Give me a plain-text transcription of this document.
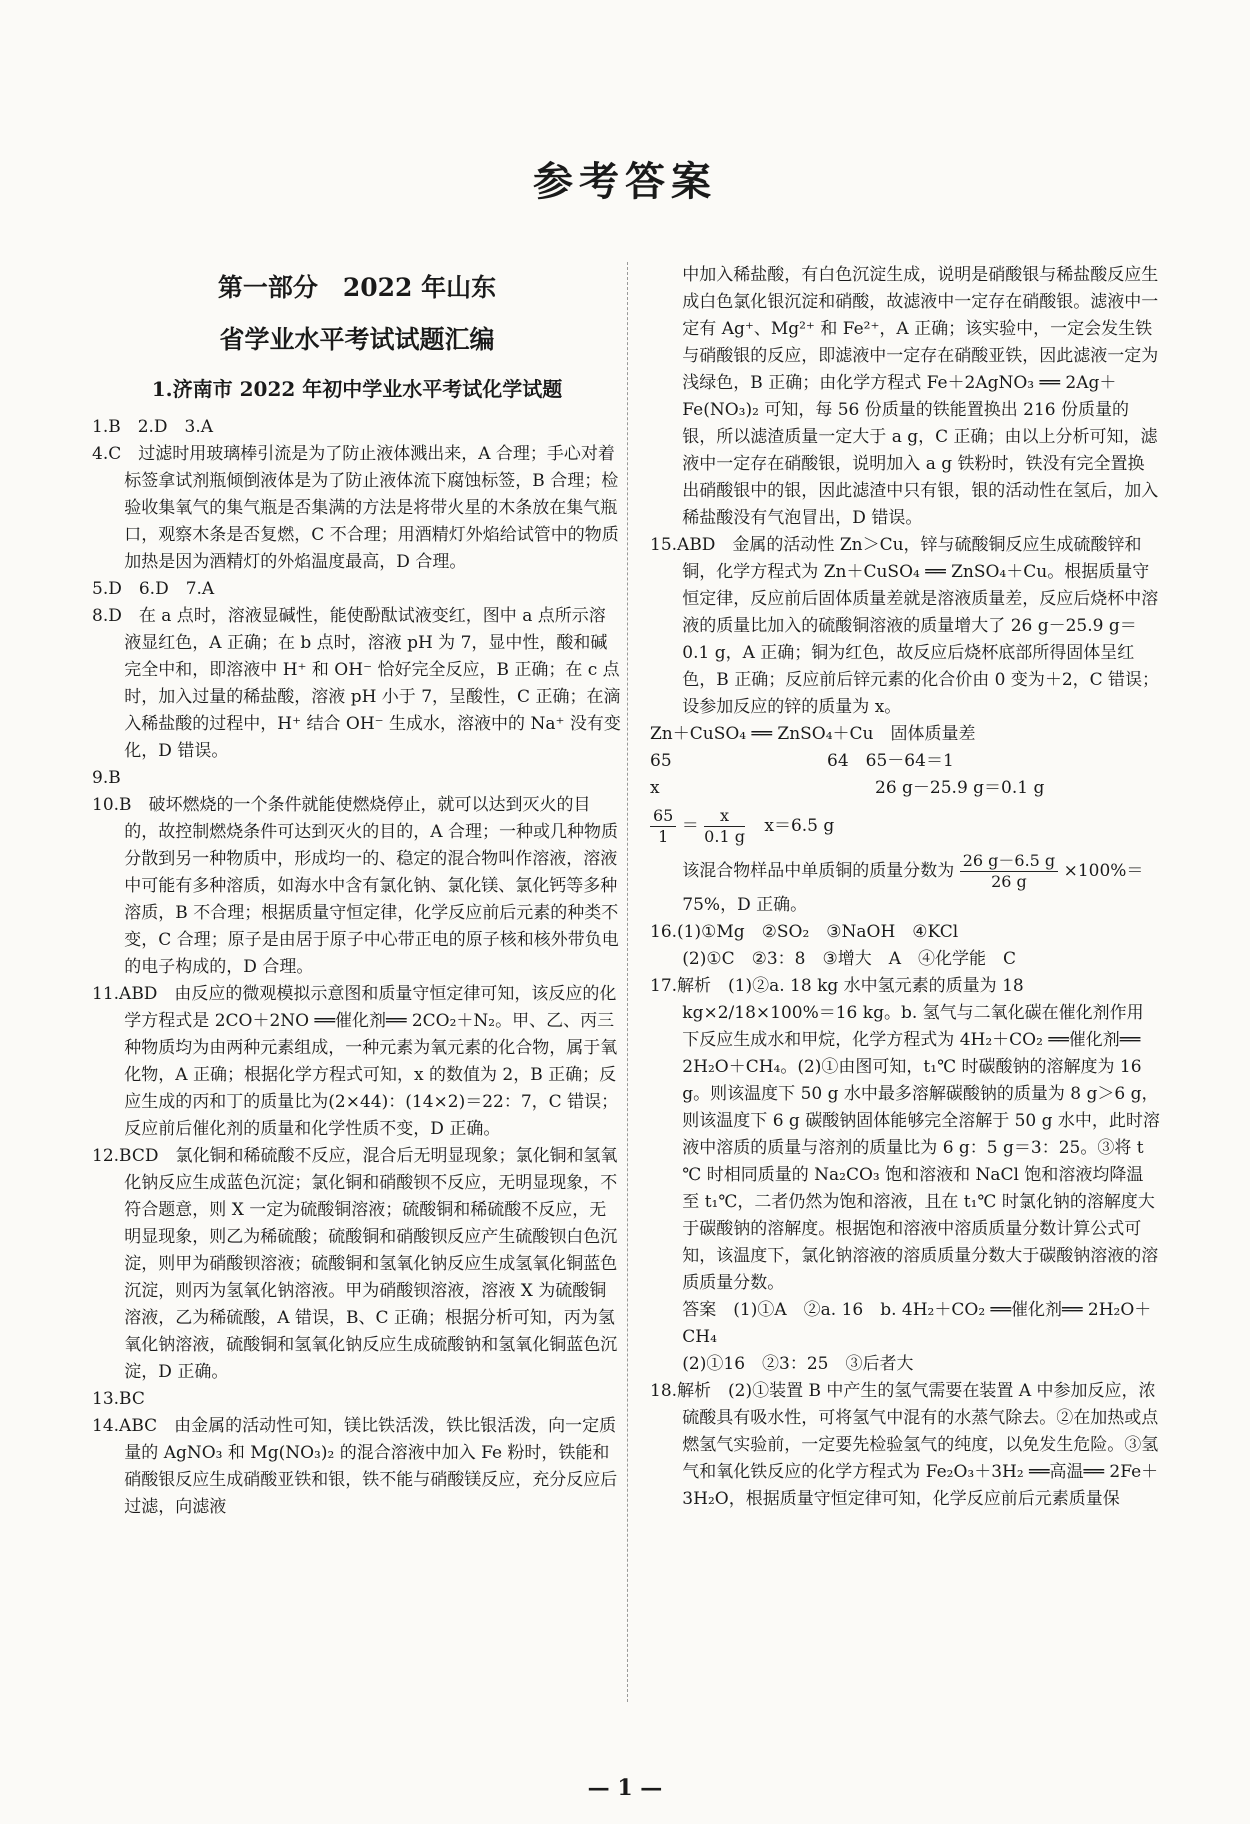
参考答案
第一部分　2022 年山东
省学业水平考试试题汇编
1.济南市 2022 年初中学业水平考试化学试题

1.B　2.D　3.A

4.C　过滤时用玻璃棒引流是为了防止液体溅出来，A 合理；手心对着标签拿试剂瓶倾倒液体是为了防止液体流下腐蚀标签，B 合理；检验收集氧气的集气瓶是否集满的方法是将带火星的木条放在集气瓶口，观察木条是否复燃，C 不合理；用酒精灯外焰给试管中的物质加热是因为酒精灯的外焰温度最高，D 合理。

5.D　6.D　7.A

8.D　在 a 点时，溶液显碱性，能使酚酞试液变红，图中 a 点所示溶液显红色，A 正确；在 b 点时，溶液 pH 为 7，显中性，酸和碱完全中和，即溶液中 H⁺ 和 OH⁻ 恰好完全反应，B 正确；在 c 点时，加入过量的稀盐酸，溶液 pH 小于 7，呈酸性，C 正确；在滴入稀盐酸的过程中，H⁺ 结合 OH⁻ 生成水，溶液中的 Na⁺ 没有变化，D 错误。

9.B

10.B　破坏燃烧的一个条件就能使燃烧停止，就可以达到灭火的目的，故控制燃烧条件可达到灭火的目的，A 合理；一种或几种物质分散到另一种物质中，形成均一的、稳定的混合物叫作溶液，溶液中可能有多种溶质，如海水中含有氯化钠、氯化镁、氯化钙等多种溶质，B 不合理；根据质量守恒定律，化学反应前后元素的种类不变，C 合理；原子是由居于原子中心带正电的原子核和核外带负电的电子构成的，D 合理。

11.ABD　由反应的微观模拟示意图和质量守恒定律可知，该反应的化学方程式是 2CO＋2NO ══催化剂══ 2CO₂＋N₂。甲、乙、丙三种物质均为由两种元素组成，一种元素为氧元素的化合物，属于氧化物，A 正确；根据化学方程式可知，x 的数值为 2，B 正确；反应生成的丙和丁的质量比为(2×44)：(14×2)＝22：7，C 错误；反应前后催化剂的质量和化学性质不变，D 正确。

12.BCD　氯化铜和稀硫酸不反应，混合后无明显现象；氯化铜和氢氧化钠反应生成蓝色沉淀；氯化铜和硝酸钡不反应，无明显现象，不符合题意，则 X 一定为硫酸铜溶液；硫酸铜和稀硫酸不反应，无明显现象，则乙为稀硫酸；硫酸铜和硝酸钡反应产生硫酸钡白色沉淀，则甲为硝酸钡溶液；硫酸铜和氢氧化钠反应生成氢氧化铜蓝色沉淀，则丙为氢氧化钠溶液。甲为硝酸钡溶液，溶液 X 为硫酸铜溶液，乙为稀硫酸，A 错误，B、C 正确；根据分析可知，丙为氢氧化钠溶液，硫酸铜和氢氧化钠反应生成硫酸钠和氢氧化铜蓝色沉淀，D 正确。

13.BC

14.ABC　由金属的活动性可知，镁比铁活泼，铁比银活泼，向一定质量的 AgNO₃ 和 Mg(NO₃)₂ 的混合溶液中加入 Fe 粉时，铁能和硝酸银反应生成硝酸亚铁和银，铁不能与硝酸镁反应，充分反应后过滤，向滤液

中加入稀盐酸，有白色沉淀生成，说明是硝酸银与稀盐酸反应生成白色氯化银沉淀和硝酸，故滤液中一定存在硝酸银。滤液中一定有 Ag⁺、Mg²⁺ 和 Fe²⁺，A 正确；该实验中，一定会发生铁与硝酸银的反应，即滤液中一定存在硝酸亚铁，因此滤液一定为浅绿色，B 正确；由化学方程式 Fe＋2AgNO₃ ══ 2Ag＋Fe(NO₃)₂ 可知，每 56 份质量的铁能置换出 216 份质量的银，所以滤渣质量一定大于 a g，C 正确；由以上分析可知，滤液中一定存在硝酸银，说明加入 a g 铁粉时，铁没有完全置换出硝酸银中的银，因此滤渣中只有银，银的活动性在氢后，加入稀盐酸没有气泡冒出，D 错误。

15.ABD　金属的活动性 Zn＞Cu，锌与硫酸铜反应生成硫酸锌和铜，化学方程式为 Zn＋CuSO₄ ══ ZnSO₄＋Cu。根据质量守恒定律，反应前后固体质量差就是溶液质量差，反应后烧杯中溶液的质量比加入的硫酸铜溶液的质量增大了 26 g－25.9 g＝0.1 g，A 正确；铜为红色，故反应后烧杯底部所得固体呈红色，B 正确；反应前后锌元素的化合价由 0 变为＋2，C 错误；设参加反应的锌的质量为 x。

Zn＋CuSO₄ ══ ZnSO₄＋Cu　固体质量差

65	64　65－64＝1

x	26 g－25.9 g＝0.1 g

$\frac{65}{1} = \frac{x}{0.1 g} x=6.5$ g

该混合物样品中单质铜的质量分数为 $\frac{26 g-6.5 g}{26 g} \times 100\%=75\%$，D 正确。

16.(1)①Mg　②SO₂　③NaOH　④KCl

(2)①C　②3：8　③增大　A　④化学能　C

17.解析　(1)②a. 18 kg 水中氢元素的质量为 18 kg×2/18×100%＝16 kg。b. 氢气与二氧化碳在催化剂作用下反应生成水和甲烷，化学方程式为 4H₂＋CO₂ ══催化剂══ 2H₂O＋CH₄。(2)①由图可知，t₁℃ 时碳酸钠的溶解度为 16 g。则该温度下 50 g 水中最多溶解碳酸钠的质量为 8 g＞6 g，则该温度下 6 g 碳酸钠固体能够完全溶解于 50 g 水中，此时溶液中溶质的质量与溶剂的质量比为 6 g：5 g＝3：25。③将 t ℃ 时相同质量的 Na₂CO₃ 饱和溶液和 NaCl 饱和溶液均降温至 t₁℃，二者仍然为饱和溶液，且在 t₁℃ 时氯化钠的溶解度大于碳酸钠的溶解度。根据饱和溶液中溶质质量分数计算公式可知，该温度下，氯化钠溶液的溶质质量分数大于碳酸钠溶液的溶质质量分数。

答案　(1)①A　②a. 16　b. 4H₂＋CO₂ ══催化剂══ 2H₂O＋CH₄

(2)①16　②3：25　③后者大

18.解析　(2)①装置 B 中产生的氢气需要在装置 A 中参加反应，浓硫酸具有吸水性，可将氢气中混有的水蒸气除去。②在加热或点燃氢气实验前，一定要先检验氢气的纯度，以免发生危险。③氢气和氧化铁反应的化学方程式为 Fe₂O₃＋3H₂ ══高温══ 2Fe＋3H₂O，根据质量守恒定律可知，化学反应前后元素质量保

— 1 —
